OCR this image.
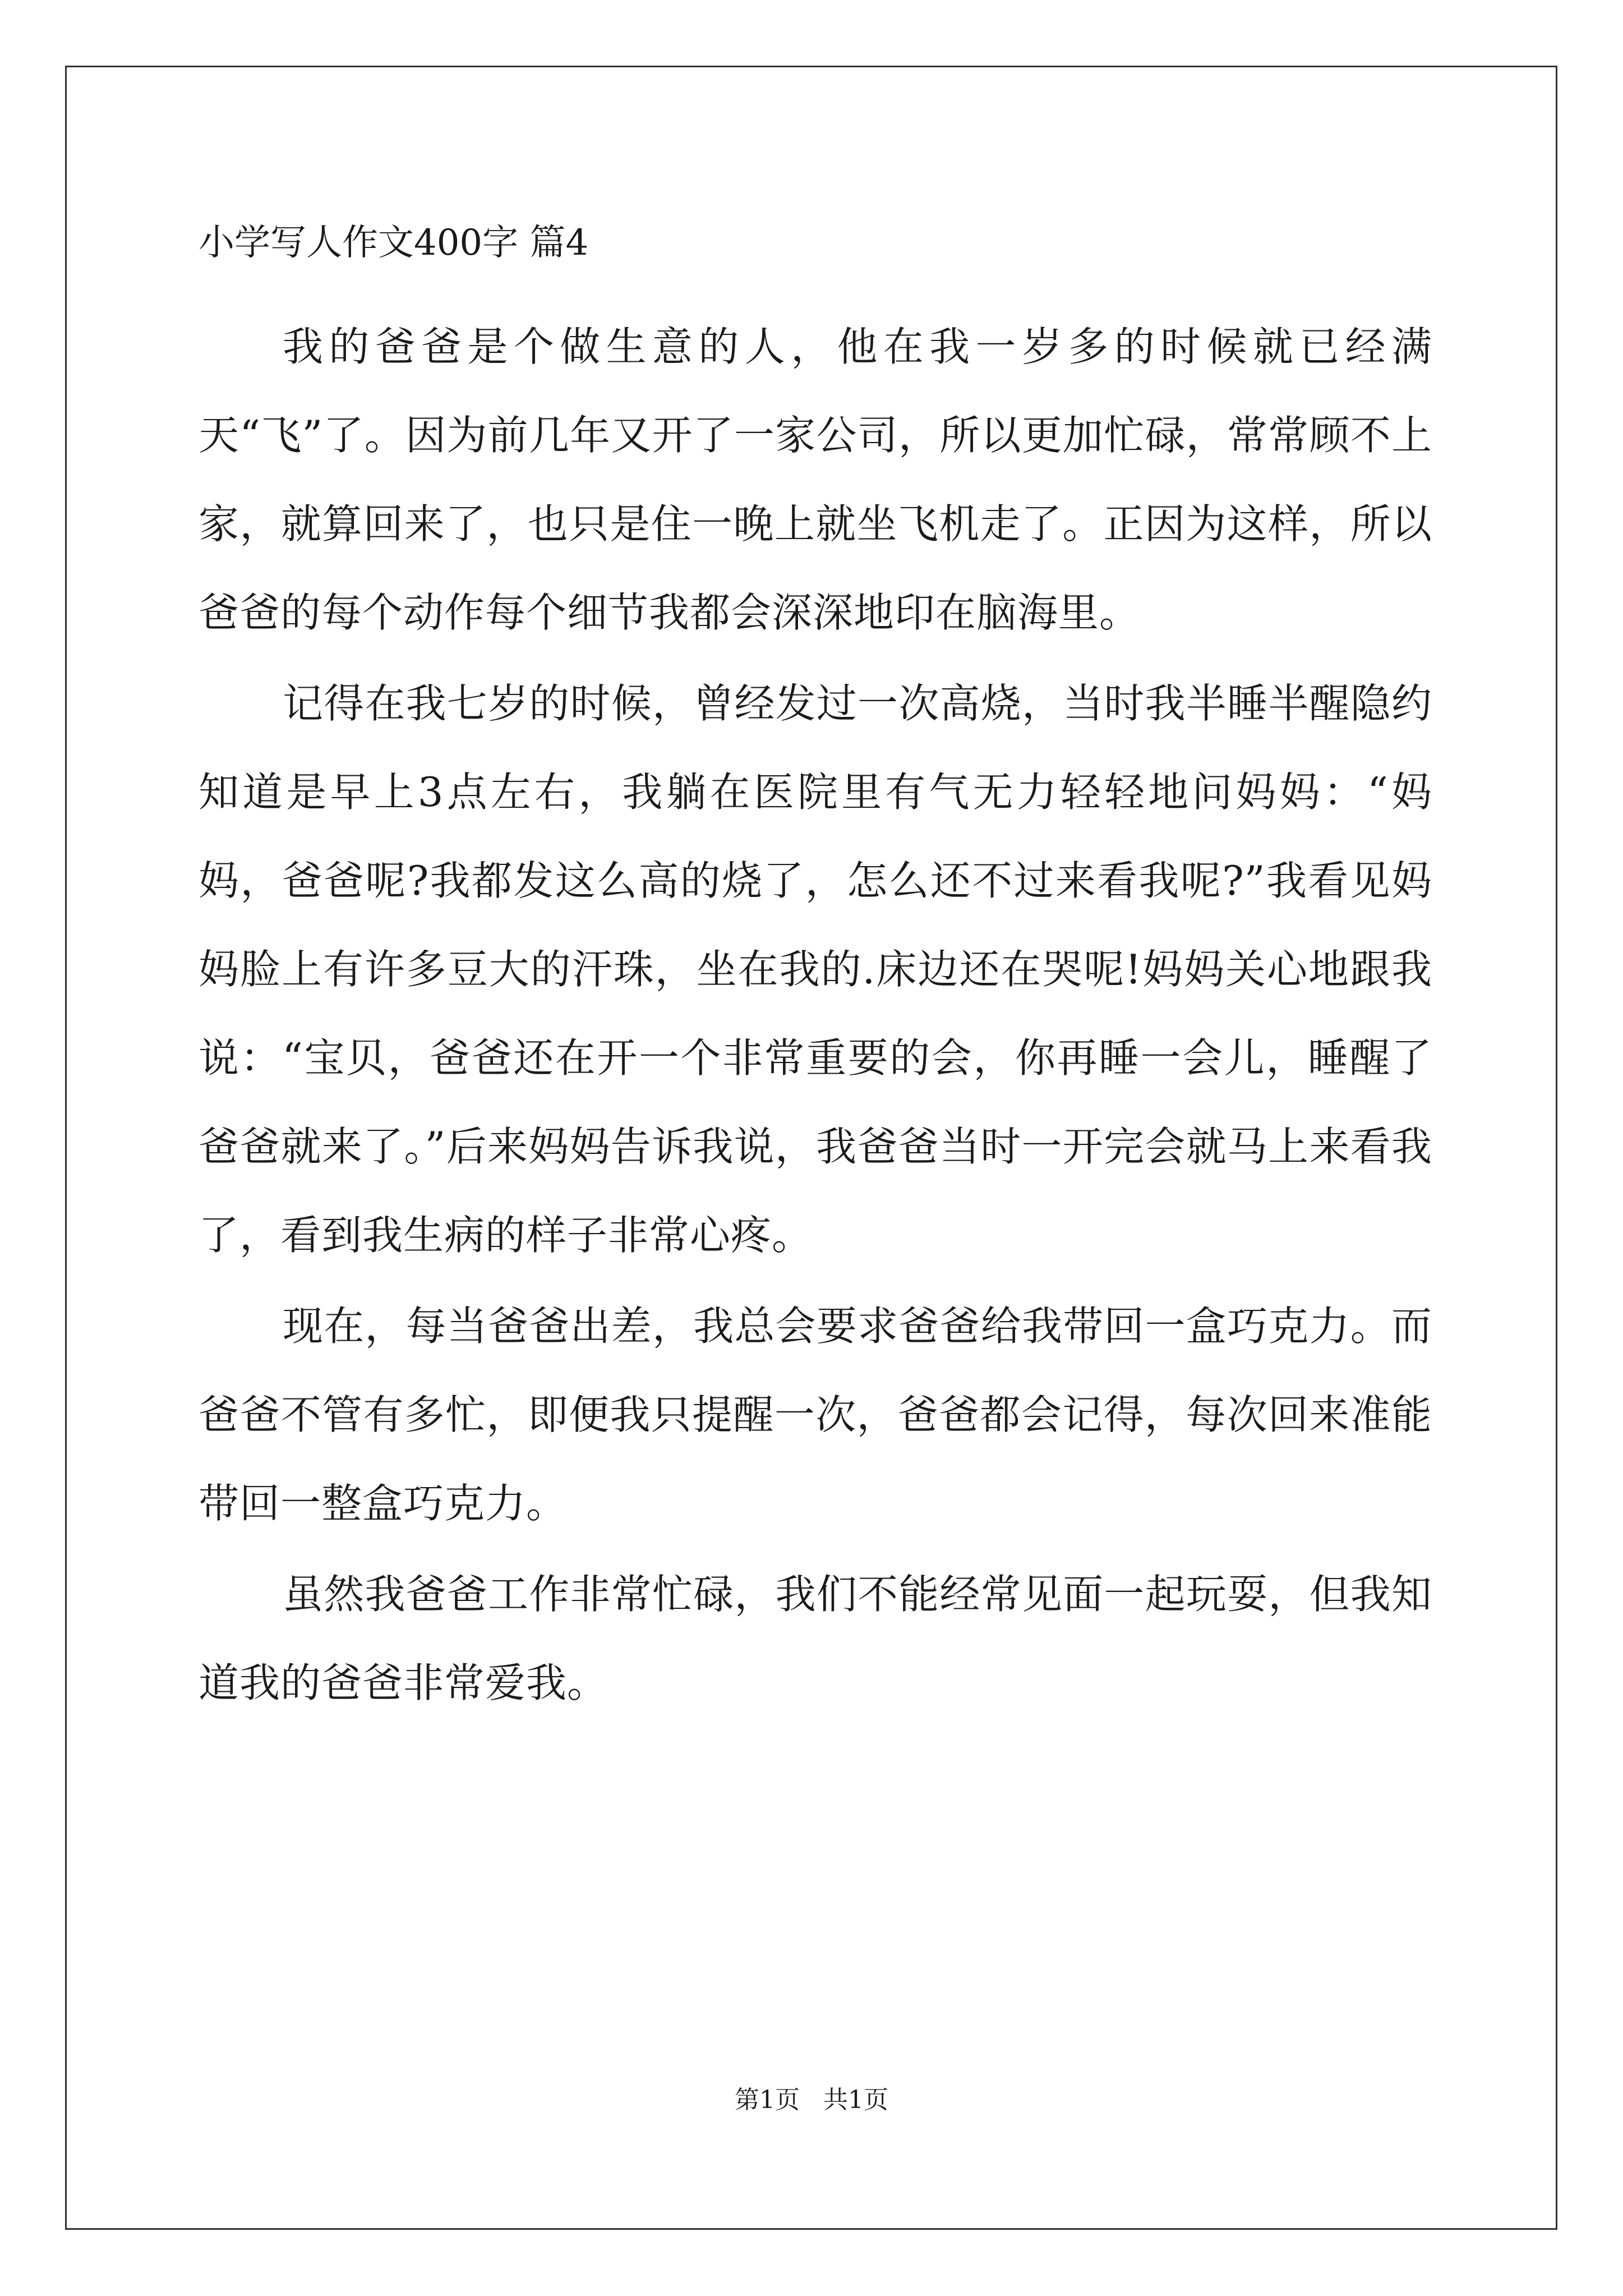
小学写人作文400字 篇4

我的爸爸是个做生意的人，他在我一岁多的时候就已经满天“飞”了。因为前几年又开了一家公司，所以更加忙碌，常常顾不上家，就算回来了，也只是住一晚上就坐飞机走了。正因为这样，所以爸爸的每个动作每个细节我都会深深地印在脑海里。

记得在我七岁的时候，曾经发过一次高烧，当时我半睡半醒隐约知道是早上3点左右，我躺在医院里有气无力轻轻地问妈妈：“妈妈，爸爸呢?我都发这么高的烧了，怎么还不过来看我呢?”我看见妈妈脸上有许多豆大的汗珠，坐在我的.床边还在哭呢!妈妈关心地跟我说：“宝贝，爸爸还在开一个非常重要的会，你再睡一会儿，睡醒了爸爸就来了。”后来妈妈告诉我说，我爸爸当时一开完会就马上来看我了，看到我生病的样子非常心疼。

现在，每当爸爸出差，我总会要求爸爸给我带回一盒巧克力。而爸爸不管有多忙，即便我只提醒一次，爸爸都会记得，每次回来准能带回一整盒巧克力。

虽然我爸爸工作非常忙碌，我们不能经常见面一起玩耍，但我知道我的爸爸非常爱我。

第1页   共1页
